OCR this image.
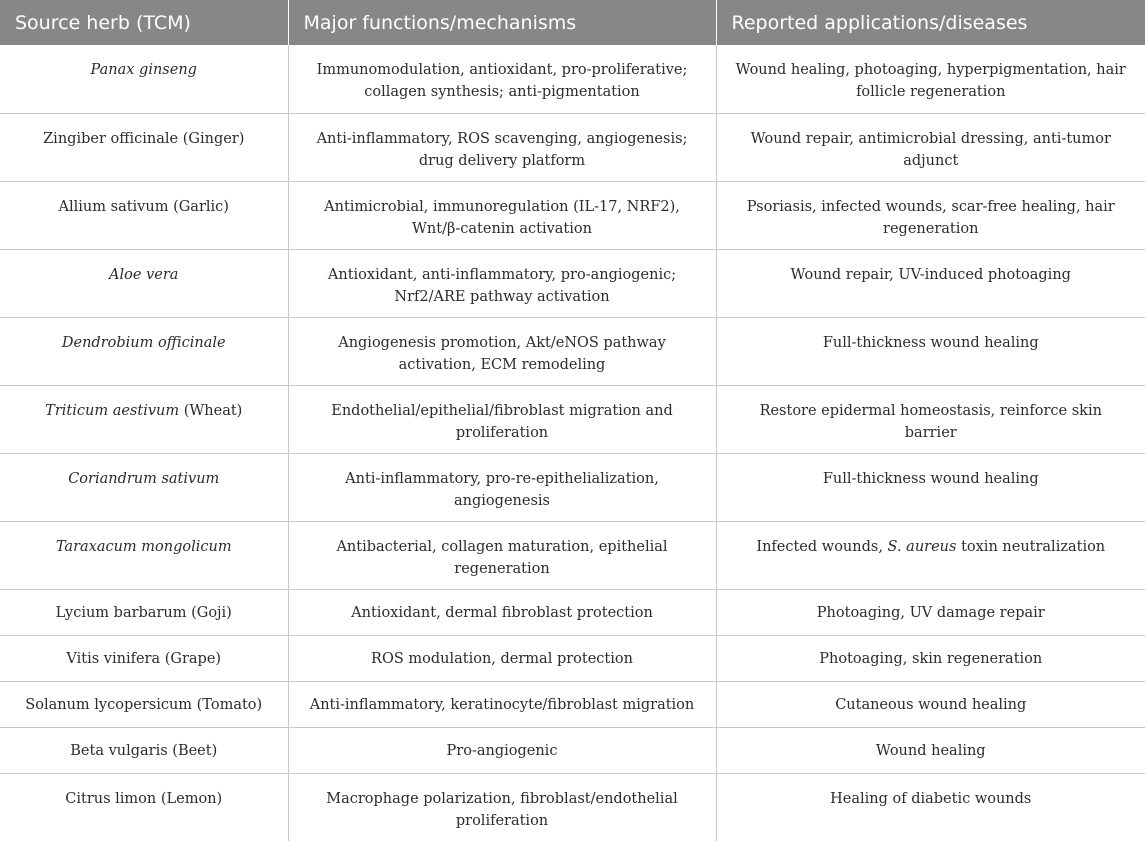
Source herb (TCM)	Major functions/mechanisms	Reported applications/diseases
Panax ginseng	Immunomodulation, antioxidant, pro-proliferative; collagen synthesis; anti-pigmentation	Wound healing, photoaging, hyperpigmentation, hair follicle regeneration
Zingiber officinale (Ginger)	Anti-inflammatory, ROS scavenging, angiogenesis; drug delivery platform	Wound repair, antimicrobial dressing, anti-tumor adjunct
Allium sativum (Garlic)	Antimicrobial, immunoregulation (IL-17, NRF2), Wnt/β-catenin activation	Psoriasis, infected wounds, scar-free healing, hair regeneration
Aloe vera	Antioxidant, anti-inflammatory, pro-angiogenic; Nrf2/ARE pathway activation	Wound repair, UV-induced photoaging
Dendrobium officinale	Angiogenesis promotion, Akt/eNOS pathway activation, ECM remodeling	Full-thickness wound healing
Triticum aestivum (Wheat)	Endothelial/epithelial/fibroblast migration and proliferation	Restore epidermal homeostasis, reinforce skin barrier
Coriandrum sativum	Anti-inflammatory, pro-re-epithelialization, angiogenesis	Full-thickness wound healing
Taraxacum mongolicum	Antibacterial, collagen maturation, epithelial regeneration	Infected wounds, S. aureus toxin neutralization
Lycium barbarum (Goji)	Antioxidant, dermal fibroblast protection	Photoaging, UV damage repair
Vitis vinifera (Grape)	ROS modulation, dermal protection	Photoaging, skin regeneration
Solanum lycopersicum (Tomato)	Anti-inflammatory, keratinocyte/fibroblast migration	Cutaneous wound healing
Beta vulgaris (Beet)	Pro-angiogenic	Wound healing
Citrus limon (Lemon)	Macrophage polarization, fibroblast/endothelial proliferation	Healing of diabetic wounds
